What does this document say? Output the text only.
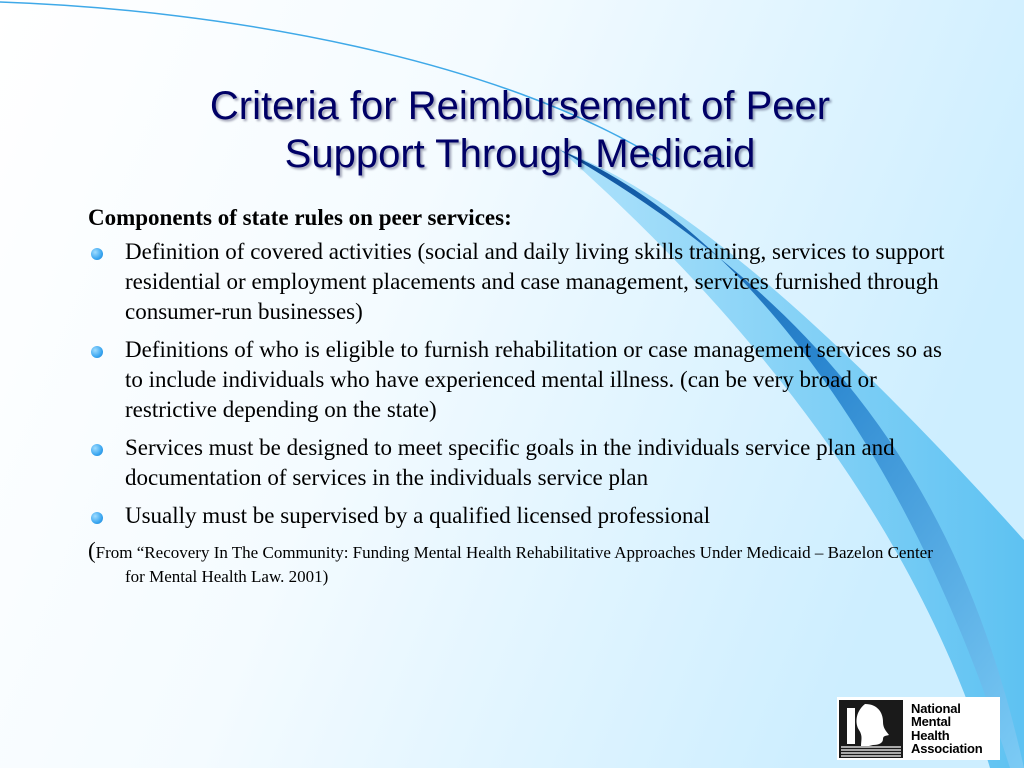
Criteria for Reimbursement of Peer
Support Through Medicaid
Components of state rules on peer services:
Definition of covered activities (social and daily living skills training, services to support residential or employment placements and case management, services furnished through consumer-run businesses)
Definitions of who is eligible to furnish rehabilitation or case management services so as to include individuals who have experienced mental illness. (can be very broad or restrictive depending on the state)
Services must be designed to meet specific goals in the individuals service plan and documentation of services in the individuals service plan
Usually must be supervised by a qualified licensed professional
(From “Recovery In The Community: Funding Mental Health Rehabilitative Approaches Under Medicaid – Bazelon Center for Mental Health Law. 2001)
National
Mental
Health
Association
